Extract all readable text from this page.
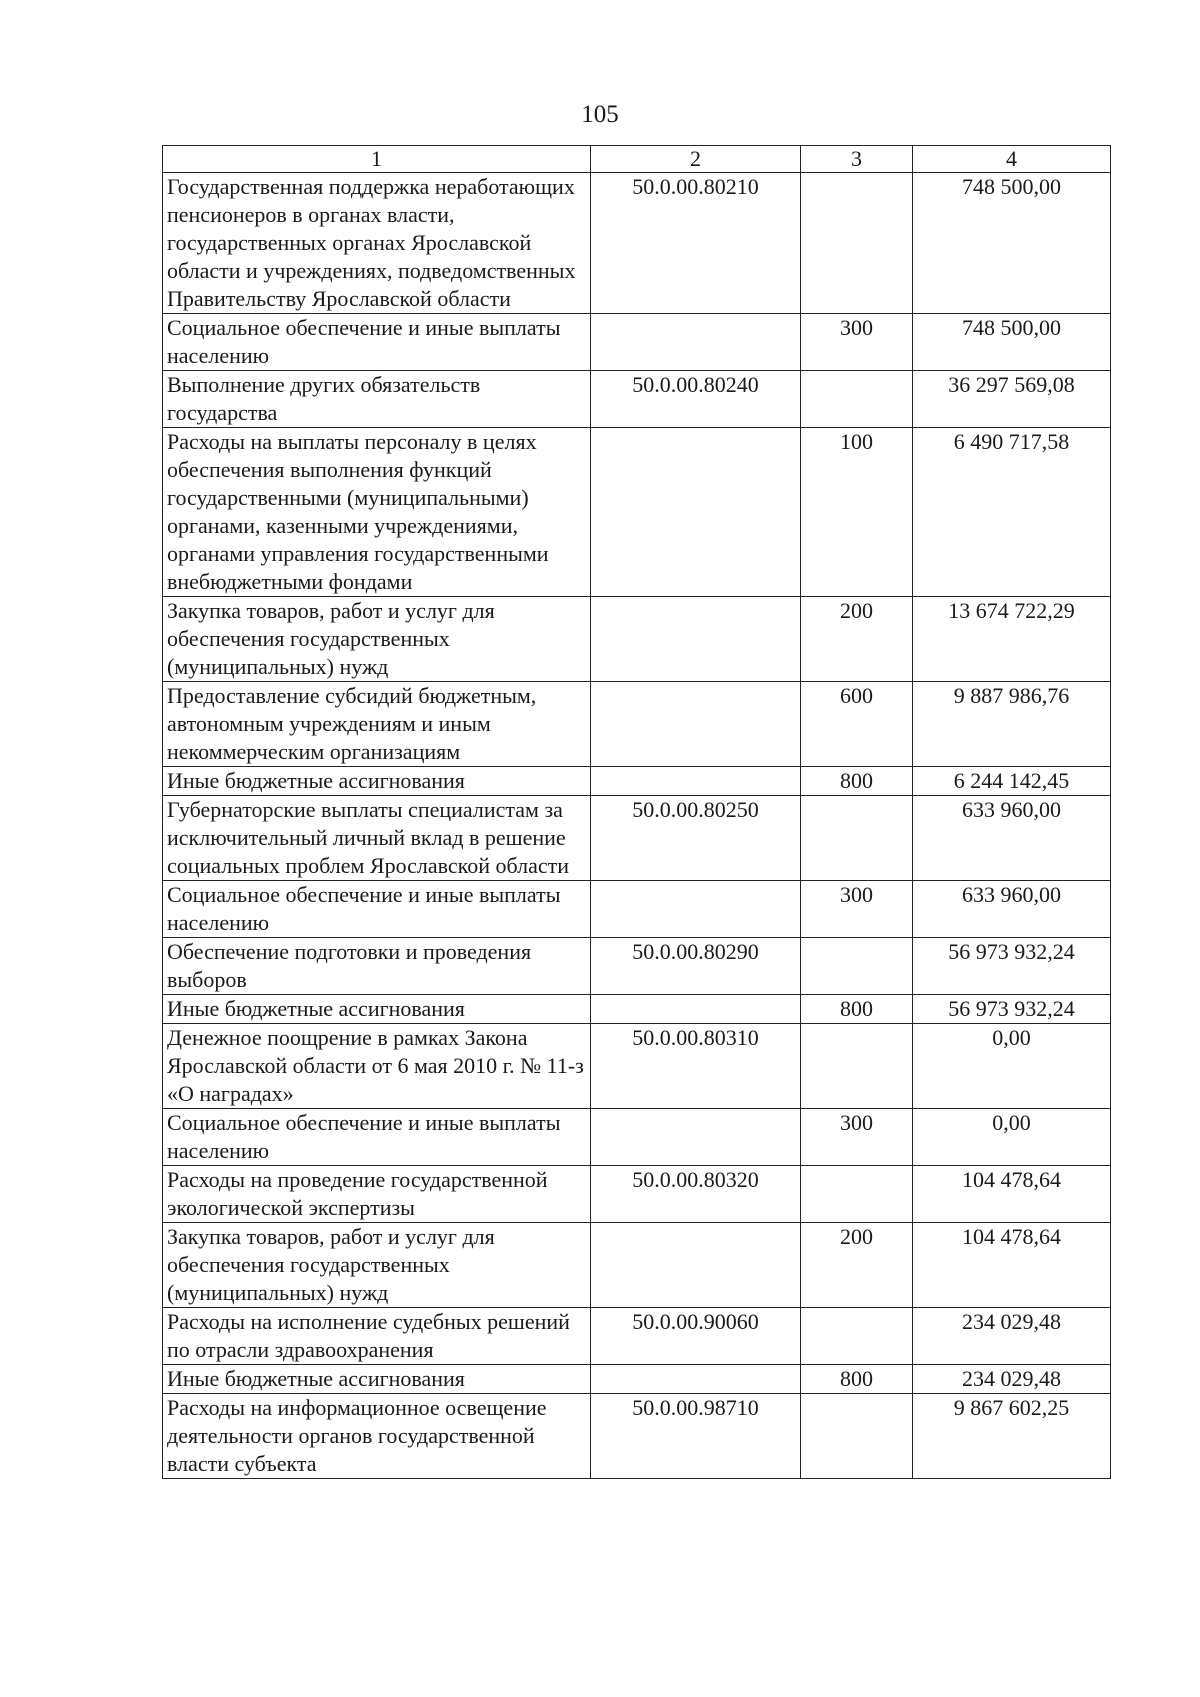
105
1	2	3	4
Государственная поддержка неработающих пенсионеров в органах власти, государственных органах Ярославской области и учреждениях, подведомственных Правительству Ярославской области	50.0.00.80210		748 500,00
Социальное обеспечение и иные выплаты населению		300	748 500,00
Выполнение других обязательств государства	50.0.00.80240		36 297 569,08
Расходы на выплаты персоналу в целях обеспечения выполнения функций государственными (муниципальными) органами, казенными учреждениями, органами управления государственными внебюджетными фондами		100	6 490 717,58
Закупка товаров, работ и услуг для обеспечения государственных (муниципальных) нужд		200	13 674 722,29
Предоставление субсидий бюджетным, автономным учреждениям и иным некоммерческим организациям		600	9 887 986,76
Иные бюджетные ассигнования		800	6 244 142,45
Губернаторские выплаты специалистам за исключительный личный вклад в решение социальных проблем Ярославской области	50.0.00.80250		633 960,00
Социальное обеспечение и иные выплаты населению		300	633 960,00
Обеспечение подготовки и проведения выборов	50.0.00.80290		56 973 932,24
Иные бюджетные ассигнования		800	56 973 932,24
Денежное поощрение в рамках Закона Ярославской области от 6 мая 2010 г. № 11-з «О наградах»	50.0.00.80310		0,00
Социальное обеспечение и иные выплаты населению		300	0,00
Расходы на проведение государственной экологической экспертизы	50.0.00.80320		104 478,64
Закупка товаров, работ и услуг для обеспечения государственных (муниципальных) нужд		200	104 478,64
Расходы на исполнение судебных решений по отрасли здравоохранения	50.0.00.90060		234 029,48
Иные бюджетные ассигнования		800	234 029,48
Расходы на информационное освещение деятельности органов государственной власти субъекта	50.0.00.98710		9 867 602,25
